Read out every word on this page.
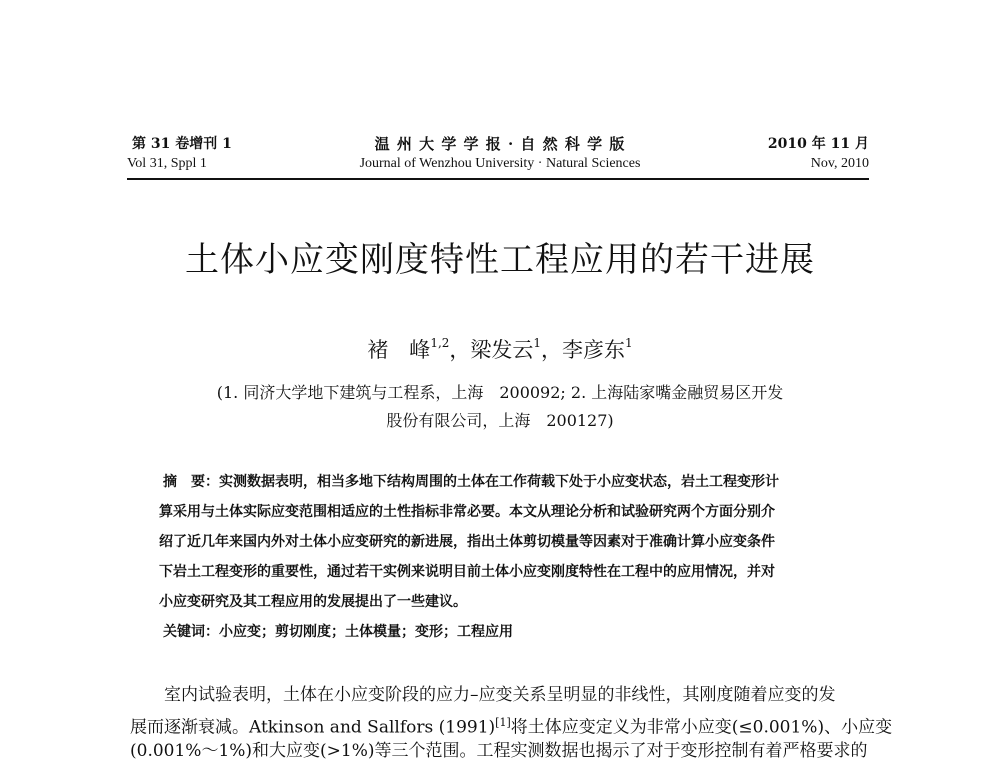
第 31 卷增刊 1
Vol 31, Sppl 1
温 州 大 学 学 报 · 自 然 科 学 版
Journal of Wenzhou University · Natural Sciences
2010 年 11 月
Nov, 2010
土体小应变刚度特性工程应用的若干进展
褚　峰$^{1,2}$，梁发云$^1$，李彦东$^1$
(1. 同济大学地下建筑与工程系，上海　200092; 2. 上海陆家嘴金融贸易区开发
股份有限公司，上海　200127)
摘　要：实测数据表明，相当多地下结构周围的土体在工作荷载下处于小应变状态，岩土工程变形计
算采用与土体实际应变范围相适应的土性指标非常必要。本文从理论分析和试验研究两个方面分别介
绍了近几年来国内外对土体小应变研究的新进展，指出土体剪切模量等因素对于准确计算小应变条件
下岩土工程变形的重要性，通过若干实例来说明目前土体小应变刚度特性在工程中的应用情况，并对
小应变研究及其工程应用的发展提出了一些建议。
关键词：小应变；剪切刚度；土体模量；变形；工程应用
室内试验表明，土体在小应变阶段的应力–应变关系呈明显的非线性，其刚度随着应变的发
展而逐渐衰减。Atkinson and Sallfors (1991)[1]将土体应变定义为非常小应变(≤0.001%)、小应变
(0.001%～1%)和大应变(>1%)等三个范围。工程实测数据也揭示了对于变形控制有着严格要求的
